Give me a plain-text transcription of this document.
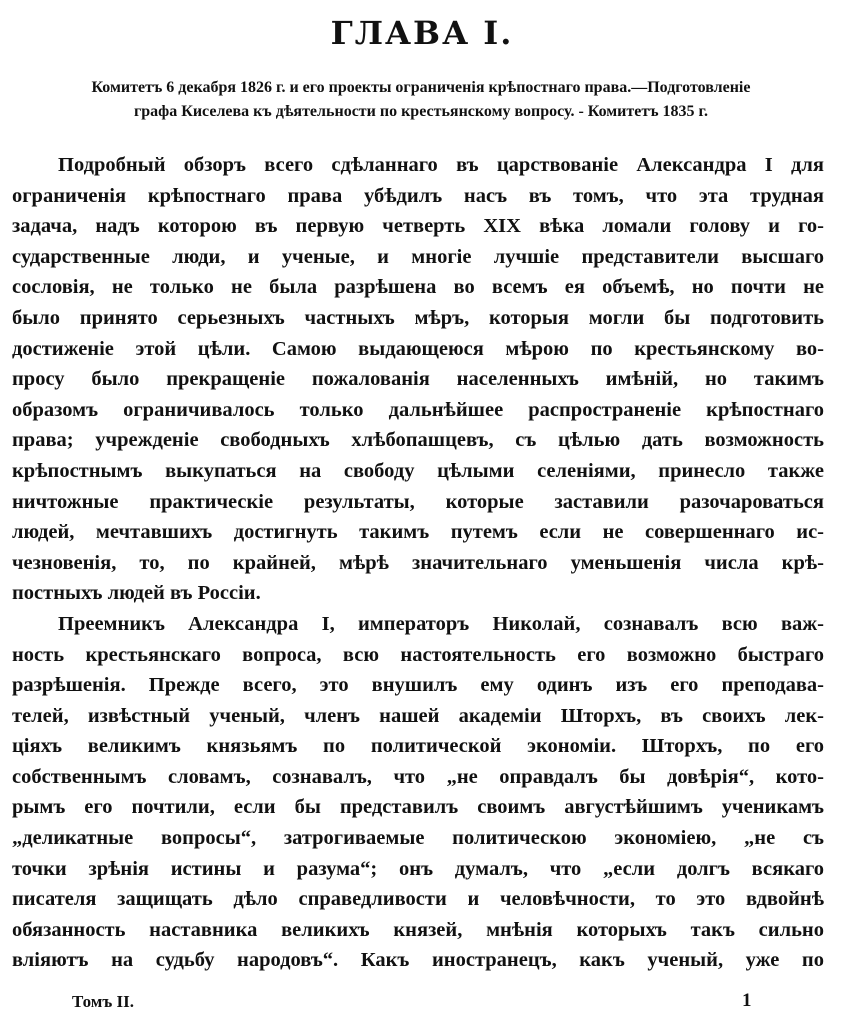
ГЛАВА I.
Комитетъ 6 декабря 1826 г. и его проекты ограниченія крѣпостнаго права.—Подготовленіе
графа Киселева къ дѣятельности по крестьянскому вопросу. - Комитетъ 1835 г.
Подробный обзоръ всего сдѣланнаго въ царствованіе Александра I для
ограниченія крѣпостнаго права убѣдилъ насъ въ томъ, что эта трудная
задача, надъ которою въ первую четверть XIX вѣка ломали голову и го-
сударственные люди, и ученые, и многіе лучшіе представители высшаго
сословія, не только не была разрѣшена во всемъ ея объемѣ, но почти не
было принято серьезныхъ частныхъ мѣръ, которыя могли бы подготовить
достиженіе этой цѣли. Самою выдающеюся мѣрою по крестьянскому во-
просу было прекращеніе пожалованія населенныхъ имѣній, но такимъ
образомъ ограничивалось только дальнѣйшее распространеніе крѣпостнаго
права; учрежденіе свободныхъ хлѣбопашцевъ, съ цѣлью дать возможность
крѣпостнымъ выкупаться на свободу цѣлыми селеніями, принесло также
ничтожные практическіе результаты, которые заставили разочароваться
людей, мечтавшихъ достигнуть такимъ путемъ если не совершеннаго ис-
чезновенія, то, по крайней, мѣрѣ значительнаго уменьшенія числа крѣ-
постныхъ людей въ Россіи.
Преемникъ Александра I, императоръ Николай, сознавалъ всю важ-
ность крестьянскаго вопроса, всю настоятельность его возможно быстраго
разрѣшенія. Прежде всего, это внушилъ ему одинъ изъ его преподава-
телей, извѣстный ученый, членъ нашей академіи Шторхъ, въ своихъ лек-
ціяхъ великимъ князьямъ по политической экономіи. Шторхъ, по его
собственнымъ словамъ, сознавалъ, что „не оправдалъ бы довѣрія“, кото-
рымъ его почтили, если бы представилъ своимъ августѣйшимъ ученикамъ
„деликатные вопросы“, затрогиваемые политическою экономіею, „не съ
точки зрѣнія истины и разума“; онъ думалъ, что „если долгъ всякаго
писателя защищать дѣло справедливости и человѣчности, то это вдвойнѣ
обязанность наставника великихъ князей, мнѣнія которыхъ такъ сильно
вліяютъ на судьбу народовъ“. Какъ иностранецъ, какъ ученый, уже по
Томъ II.	1
